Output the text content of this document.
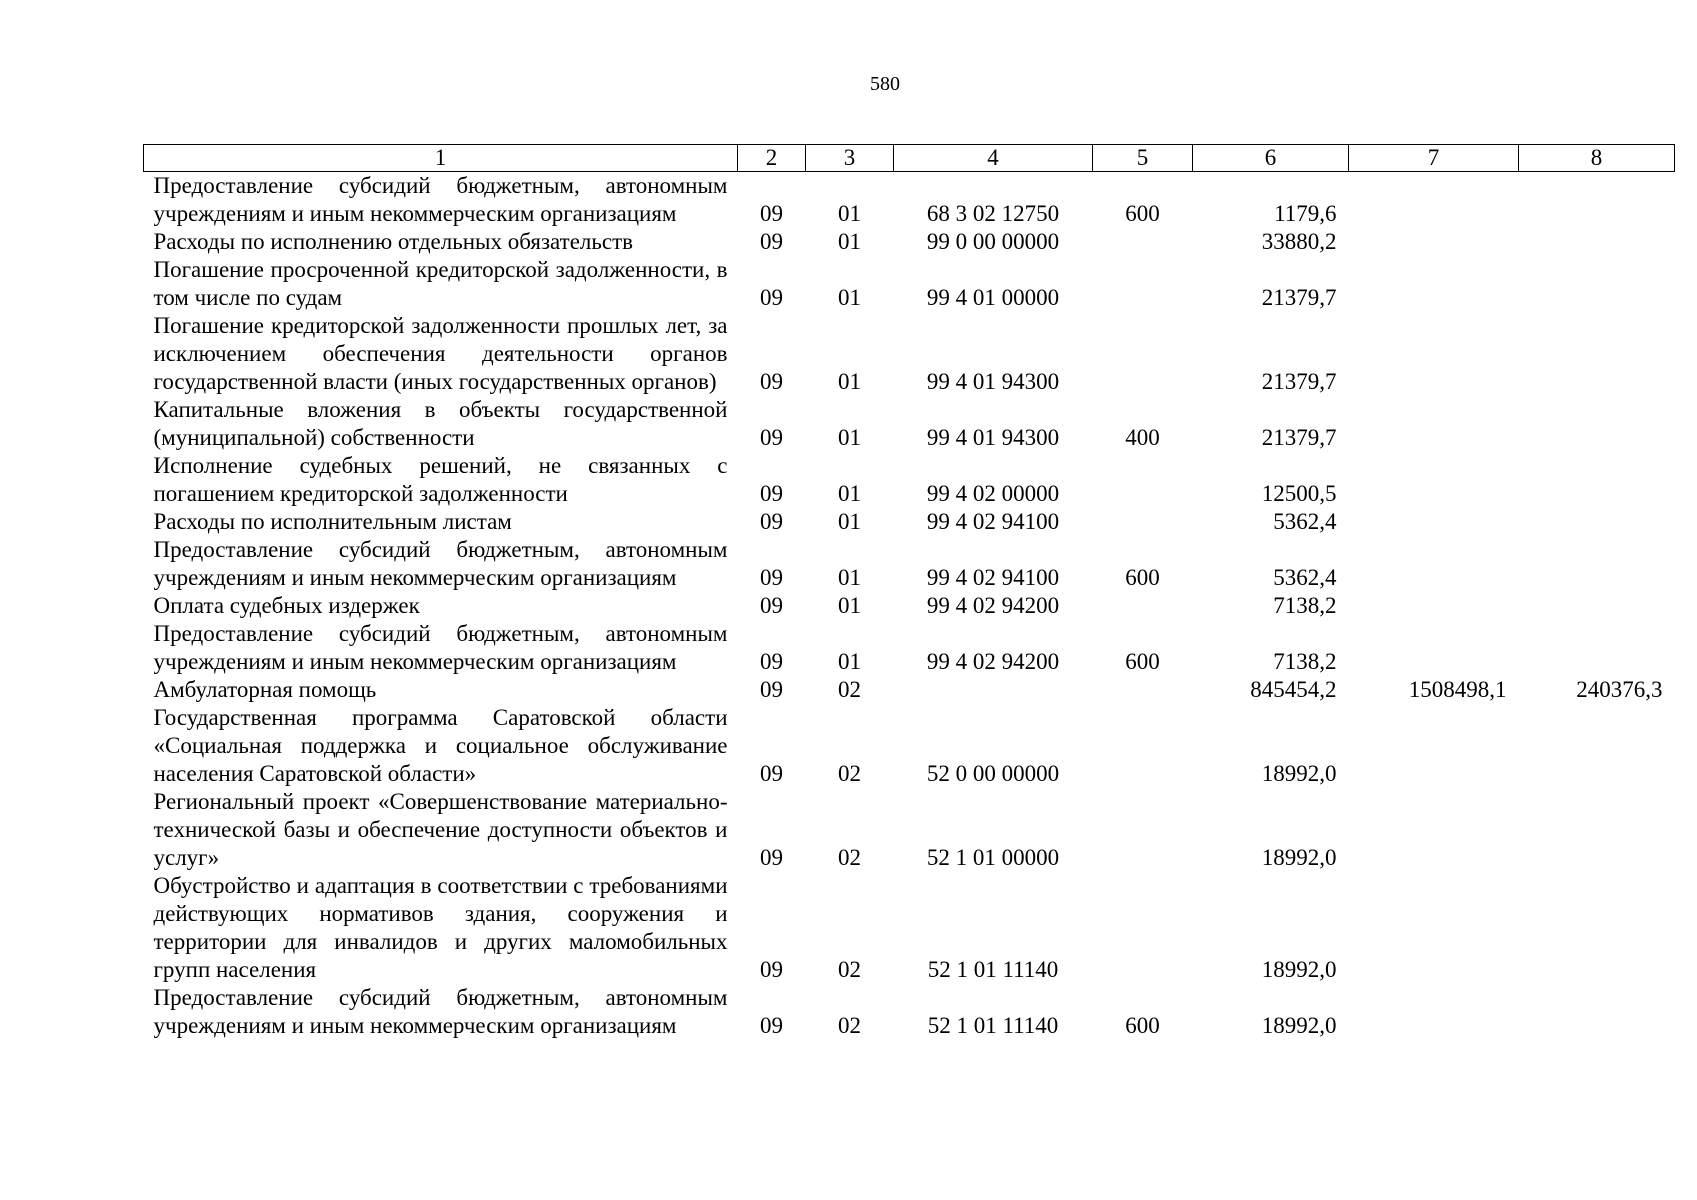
580
1	2	3	4	5	6	7	8
Предоставление субсидий бюджетным, автономным учреждениям и иным некоммерческим организациям	09	01	68 3 02 12750	600	1179,6		
Расходы по исполнению отдельных обязательств	09	01	99 0 00 00000		33880,2		
Погашение просроченной кредиторской задолженности, в том числе по судам	09	01	99 4 01 00000		21379,7		
Погашение кредиторской задолженности прошлых лет, за исключением обеспечения деятельности органов государственной власти (иных государственных органов)	09	01	99 4 01 94300		21379,7		
Капитальные вложения в объекты государственной (муниципальной) собственности	09	01	99 4 01 94300	400	21379,7		
Исполнение судебных решений, не связанных с погашением кредиторской задолженности	09	01	99 4 02 00000		12500,5		
Расходы по исполнительным листам	09	01	99 4 02 94100		5362,4		
Предоставление субсидий бюджетным, автономным учреждениям и иным некоммерческим организациям	09	01	99 4 02 94100	600	5362,4		
Оплата судебных издержек	09	01	99 4 02 94200		7138,2		
Предоставление субсидий бюджетным, автономным учреждениям и иным некоммерческим организациям	09	01	99 4 02 94200	600	7138,2		
Амбулаторная помощь	09	02			845454,2	1508498,1	240376,3
Государственная программа Саратовской области «Социальная поддержка и социальное обслуживание населения Саратовской области»	09	02	52 0 00 00000		18992,0		
Региональный проект «Совершенствование материально-технической базы и обеспечение доступности объектов и услуг»	09	02	52 1 01 00000		18992,0		
Обустройство и адаптация в соответствии с требованиями действующих нормативов здания, сооружения и территории для инвалидов и других маломобильных групп населения	09	02	52 1 01 11140		18992,0		
Предоставление субсидий бюджетным, автономным учреждениям и иным некоммерческим организациям	09	02	52 1 01 11140	600	18992,0		
